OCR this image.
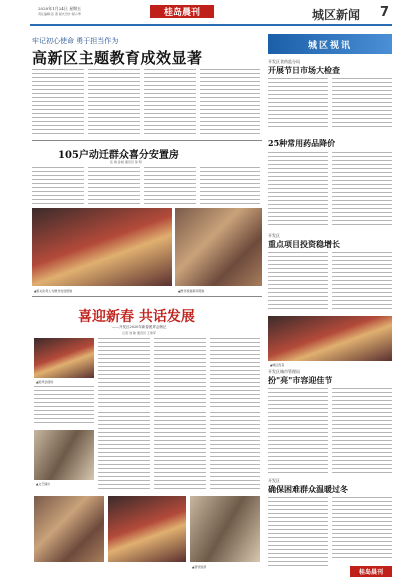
2020年1月24日 星期五
责任编辑:张 燕 版式设计:程小琴	桂岛晨刊	城区新闻 7
牢记初心使命 勇于担当作为
高新区主题教育成效显著
105户动迁群众喜分安置房
张 敏 孙晨 通讯员 徐 明
▲相关负责人为群众发放钥匙	▲群众领到新房钥匙
喜迎新春 共话发展
——开发区2020年新春团拜会侧记
记者 刘 敏 通讯员 王建军
▲团拜会现场
▲文艺演出
▲领导致辞
城区视讯
开发区食药监分局
开展节日市场大检查
25种常用药品降价
开发区
重点项目投资稳增长
▲城区夜景
开发区城市管理局
扮"亮"市容迎佳节
开发区
确保困难群众温暖过冬
桂岛晨刊
